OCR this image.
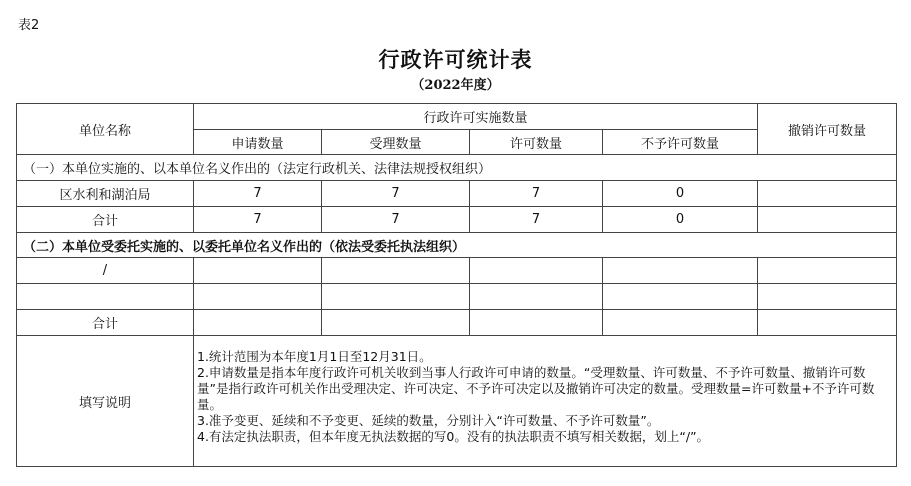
表2
行政许可统计表
（2022年度）
单位名称	行政许可实施数量				撤销许可数量
	申请数量	受理数量	许可数量	不予许可数量	
（一）本单位实施的、以本单位名义作出的（法定行政机关、法律法规授权组织）					
区水利和湖泊局	7	7	7	0	
合计	7	7	7	0	
（二）本单位受委托实施的、以委托单位名义作出的（依法受委托执法组织）					
/					

合计					
填写说明	1.统计范围为本年度1月1日至12月31日。
2.申请数量是指本年度行政许可机关收到当事人行政许可申请的数量。“受理数量、许可数量、不予许可数量、撤销许可数量”是指行政许可机关作出受理决定、许可决定、不予许可决定以及撤销许可决定的数量。受理数量=许可数量+不予许可数量。
3.准予变更、延续和不予变更、延续的数量，分别计入“许可数量、不予许可数量”。
4.有法定执法职责，但本年度无执法数据的写0。没有的执法职责不填写相关数据，划上“/”。				
